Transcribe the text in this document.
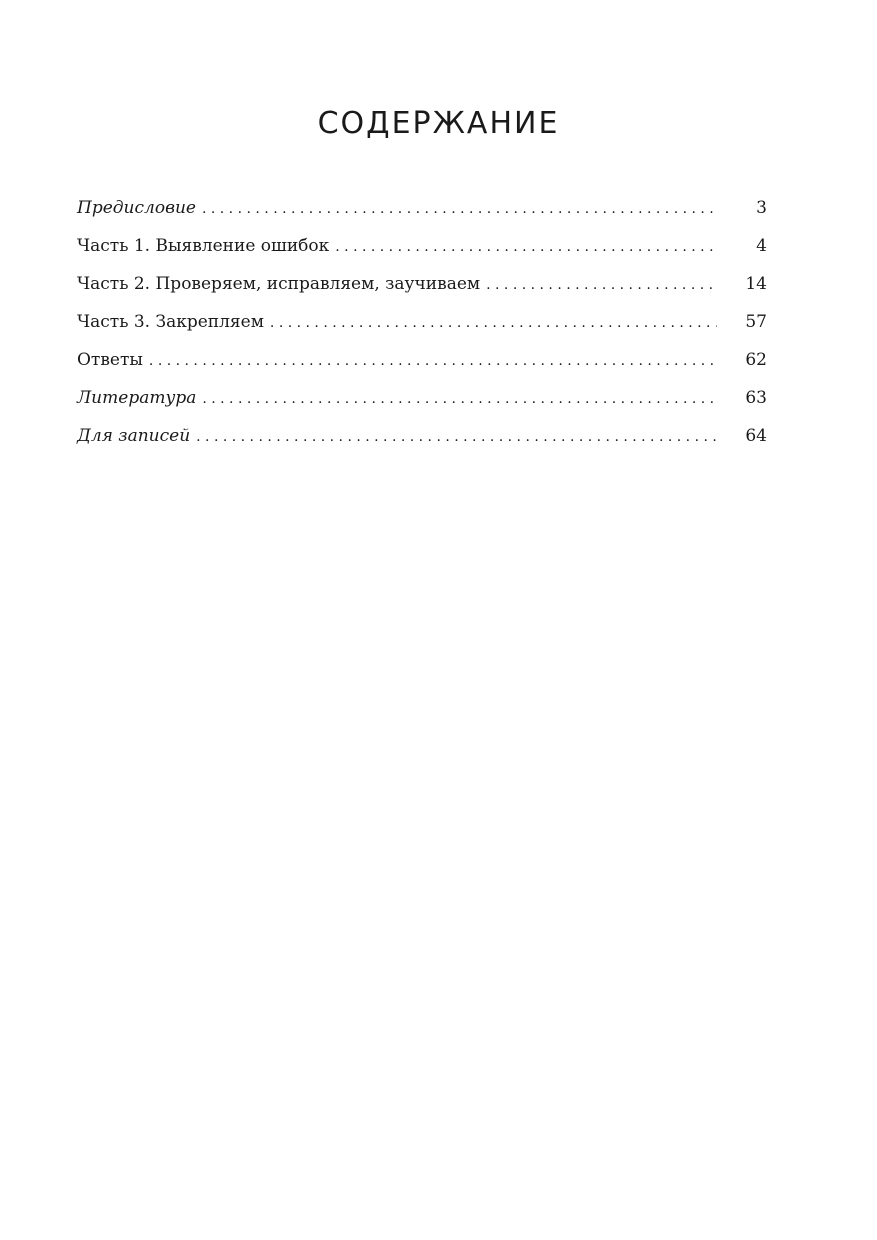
СОДЕРЖАНИЕ
Предисловие . . .	3
Часть 1. Выявление ошибок . . .	4
Часть 2. Проверяем, исправляем, заучиваем . . .	14
Часть 3. Закрепляем . . .	57
Ответы . . .	62
Литература . . .	63
Для записей . . .	64
